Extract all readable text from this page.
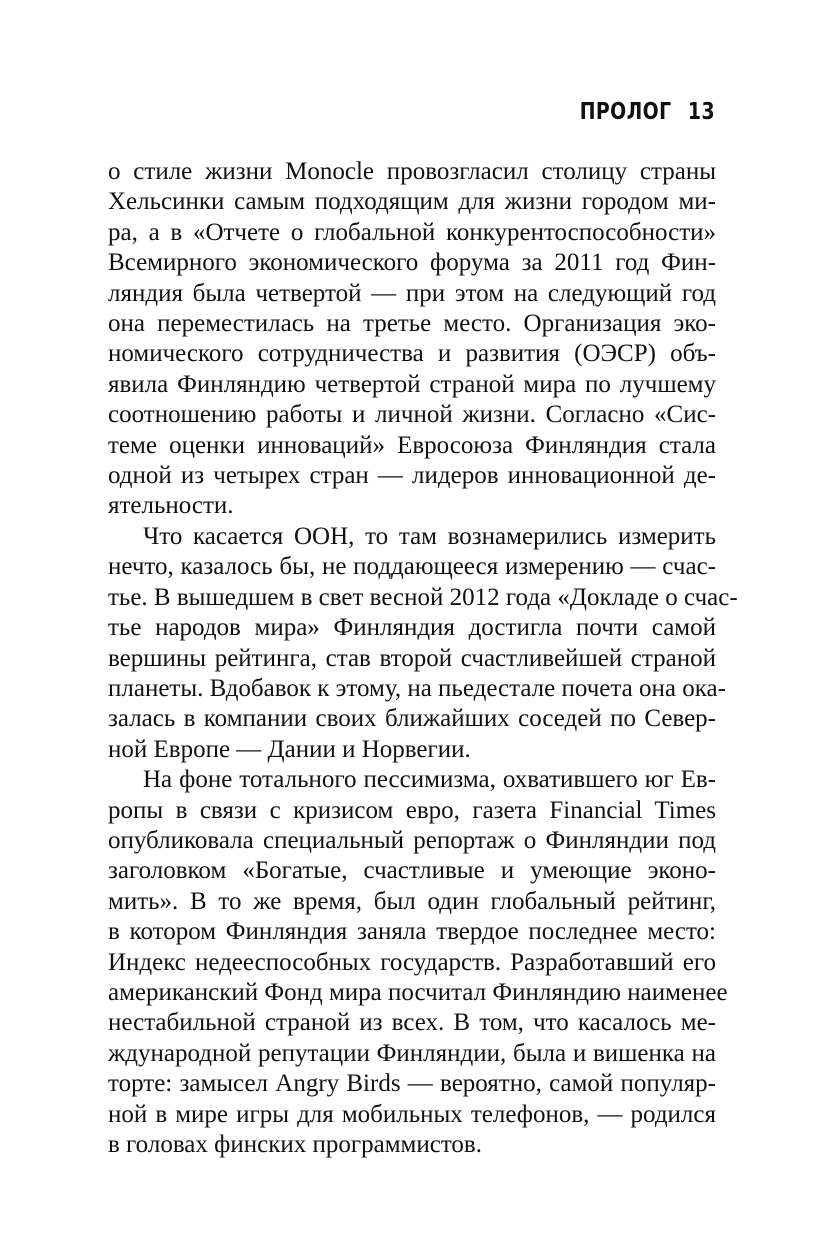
ПРОЛОГ 13

о стиле жизни Monocle провозгласил столицу страны
Хельсинки самым подходящим для жизни городом ми-
ра, а в «Отчете о глобальной конкурентоспособности»
Всемирного экономического форума за 2011 год Фин-
ляндия была четвертой — при этом на следующий год
она переместилась на третье место. Организация эко-
номического сотрудничества и развития (ОЭСР) объ-
явила Финляндию четвертой страной мира по лучшему
соотношению работы и личной жизни. Согласно «Сис-
теме оценки инноваций» Евросоюза Финляндия стала
одной из четырех стран — лидеров инновационной де-
ятельности.

Что касается ООН, то там вознамерились измерить
нечто, казалось бы, не поддающееся измерению — счас-
тье. В вышедшем в свет весной 2012 года «Докладе о счас-
тье народов мира» Финляндия достигла почти самой
вершины рейтинга, став второй счастливейшей страной
планеты. Вдобавок к этому, на пьедестале почета она ока-
залась в компании своих ближайших соседей по Север-
ной Европе — Дании и Норвегии.

На фоне тотального пессимизма, охватившего юг Ев-
ропы в связи с кризисом евро, газета Financial Times
опубликовала специальный репортаж о Финляндии под
заголовком «Богатые, счастливые и умеющие эконо-
мить». В то же время, был один глобальный рейтинг,
в котором Финляндия заняла твердое последнее место:
Индекс недееспособных государств. Разработавший его
американский Фонд мира посчитал Финляндию наименее
нестабильной страной из всех. В том, что касалось ме-
ждународной репутации Финляндии, была и вишенка на
торте: замысел Angry Birds — вероятно, самой популяр-
ной в мире игры для мобильных телефонов, — родился
в головах финских программистов.
